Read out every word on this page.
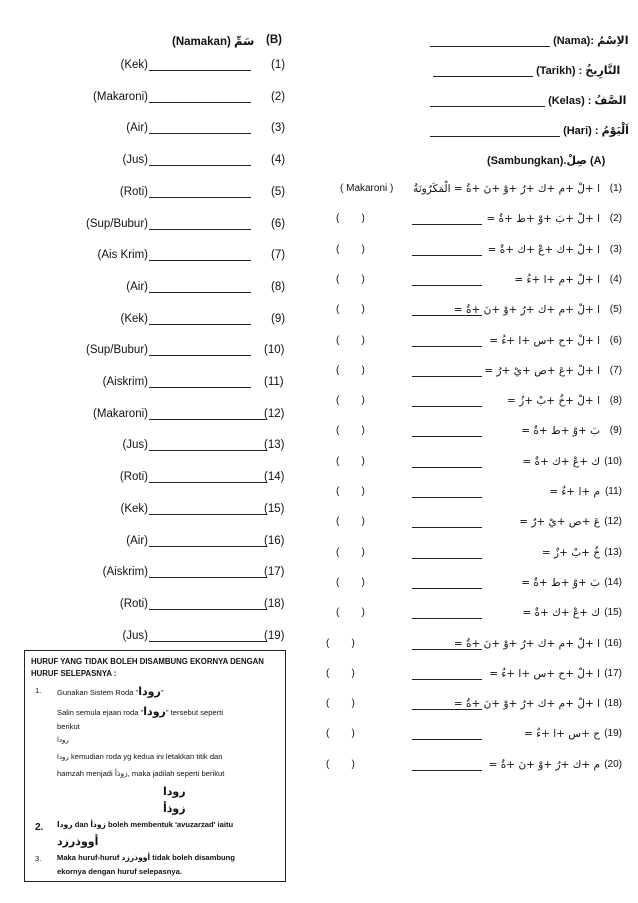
(Namakan) سَمِّ (B)
(Kek)	(1)
(Makaroni)	(2)
(Air)	(3)
(Jus)	(4)
(Roti)	(5)
(Sup/Bubur)	(6)
(Ais Krim)	(7)
(Air)	(8)
(Kek)	(9)
(Sup/Bubur)	(10)
(Aiskrim)	(11)
(Makaroni)	(12)
(Jus)	(13)
(Roti)	(14)
(Kek)	(15)
(Air)	(16)
(Aiskrim)	(17)
(Roti)	(18)
(Jus)	(19)
(Nama): الاِسْمُ
(Tarikh) : التَّارِيخُ
(Kelas) : الصَّفُ
(Hari) : اَلْيَوْمُ
(Sambungkan).صِلْ (A)
( Makaroni ) ا +لْ +م +ك +رُ +وْ +نَ +ةُ = الْمَكَرُونَةُ (1)
(        )	ا +لْ +بَ +وْ +ط +ةُ = (2)
(        )	ا +لْ +ك +عْ +ك +ةٌ = (3)
(        )	ا +لْ +م +ا +ءُ = (4)
(        )	ا +لْ +م +ك +رُ +وْ +نَ +ةُ = (5)
(        )	ا +لْ +ح +س +ا +ءُ = (6)
(        )	ا +لْ +عَ +ص +يْ +رُ = (7)
(        )	ا +لْ +خُ +بْ +زُ = (8)
(        )	بَ +وْ +ط +ةٌ = (9)
(        )	ك +عْ +ك +ةٌ = (10)
(        )	م +ا +ءٌ = (11)
(        )	عَ +ص +يْ +رٌ = (12)
(        )	خُ +بْ +زٌ = (13)
(        )	بَ +وْ +ط +ةٌ = (14)
(        )	ك +عْ +ك +ةٌ = (15)
(        )	ا +لْ +م +ك +رُ +وْ +نَ +ةُ = (16)
(        )	ا +لْ +ح +س +ا +ءُ = (17)
(        )	ا +لْ +م +ك +رُ +وْ +نَ +ةُ = (18)
(        )	ح +س +ا +ءٌ = (19)
(        )	م +ك +رُ +وْ +نَ +ةٌ = (20)
HURUF YANG TIDAK BOLEH DISAMBUNG EKORNYA DENGAN HURUF SELEPASNYA :
1. Gunakan Sistem Roda "رودا"
Salin semula ejaan roda "رودا" tersebut seperti
berikut
رودا
رودا kemudian roda yg kedua ini letakkan titik dan
hamzah menjadi زوذأ, maka jadilah seperti berikut
رودا
زوذأ
2. رودا dan زوذأ boleh membentuk 'avuzarzad' iaitu
أووذرزد
3. Maka huruf-huruf أووذرزد tidak boleh disambung
ekornya dengan huruf selepasnya.
